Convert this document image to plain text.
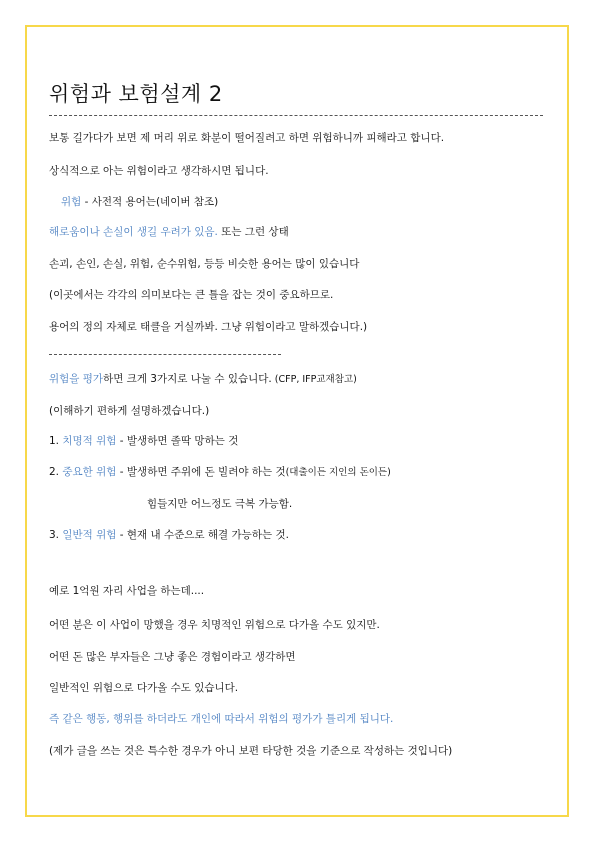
위험과 보험설계 2
보통 길가다가 보면 제 머리 위로 화분이 떨어질려고 하면 위험하니까 피해라고 합니다.
상식적으로 아는 위험이라고 생각하시면 됩니다.
위험 - 사전적 용어는(네이버 참조)
해로움이나 손실이 생길 우려가 있음. 또는 그런 상태
손괴, 손인, 손실, 위험, 순수위험, 등등 비슷한 용어는 많이 있습니다
(이곳에서는 각각의 의미보다는 큰 틀을 잡는 것이 중요하므로.
용어의 정의 자체로 태클을 거실까봐. 그냥 위험이라고 말하겠습니다.)
위험을 평가하면 크게 3가지로 나눌 수 있습니다. (CFP, IFP교재참고)
(이해하기 편하게 설명하겠습니다.)
1. 치명적 위험 - 발생하면 졸딱 망하는 것
2. 중요한 위험 - 발생하면 주위에 돈 빌려야 하는 것(대출이든 지인의 돈이든)
힘들지만 어느정도 극복 가능함.
3. 일반적 위험 - 현재 내 수준으로 해결 가능하는 것.
예로 1억원 자리 사업을 하는데....
어떤 분은 이 사업이 망했을 경우 치명적인 위험으로 다가올 수도 있지만.
어떤 돈 많은 부자들은 그냥 좋은 경험이라고 생각하면
일반적인 위험으로 다가올 수도 있습니다.
즉 같은 행동, 행위를 하더라도 개인에 따라서 위험의 평가가 틀리게 됩니다.
(제가 글을 쓰는 것은 특수한 경우가 아니 보편 타당한 것을 기준으로 작성하는 것입니다)
